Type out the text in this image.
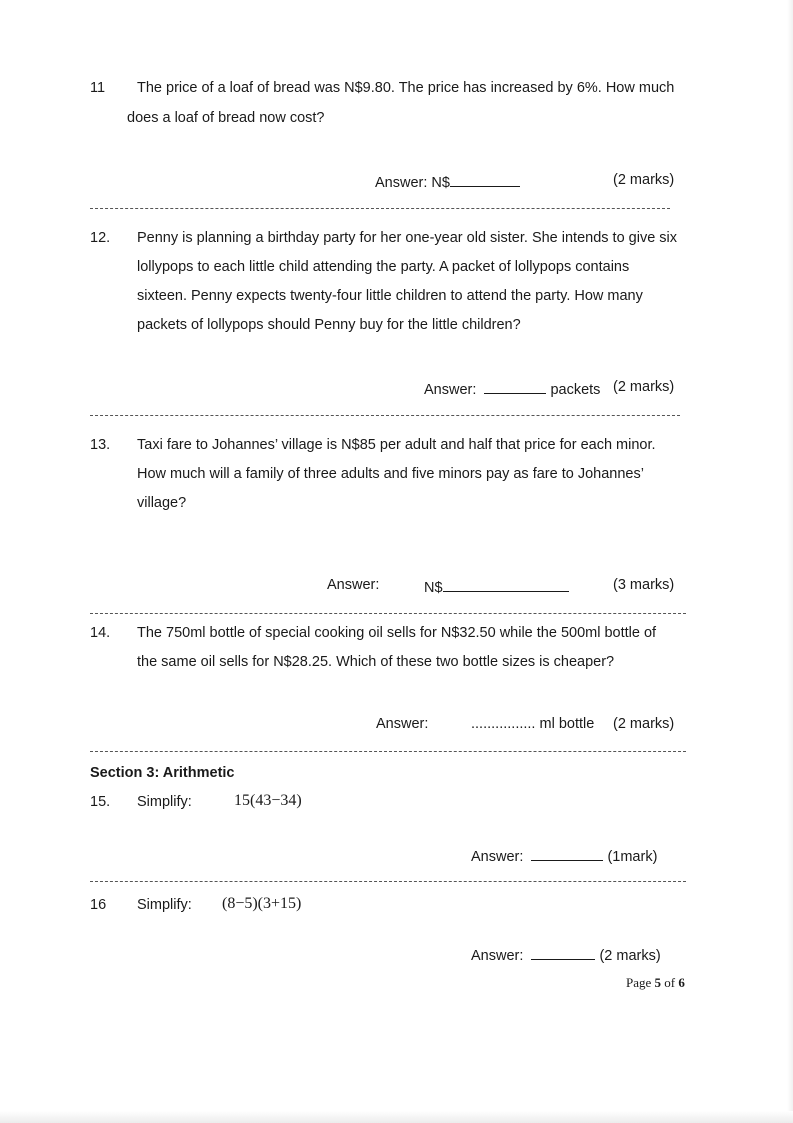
11 The price of a loaf of bread was N$9.80. The price has increased by 6%. How much
does a loaf of bread now cost?
Answer: N$	(2 marks)
12. Penny is planning a birthday party for her one-year old sister. She intends to give six
lollypops to each little child attending the party. A packet of lollypops contains
sixteen. Penny expects twenty-four little children to attend the party. How many
packets of lollypops should Penny buy for the little children?
Answer:	packets (2 marks)
13. Taxi fare to Johannes’ village is N$85 per adult and half that price for each minor.
How much will a family of three adults and five minors pay as fare to Johannes’
village?
Answer:	N$	(3 marks)
14. The 750ml bottle of special cooking oil sells for N$32.50 while the 500ml bottle of
the same oil sells for N$28.25. Which of these two bottle sizes is cheaper?
Answer:	................ ml bottle (2 marks)
Section 3: Arithmetic
15. Simplify:	15(43−34)
Answer:	(1mark)
16 Simplify: (8−5)(3+15)
Answer:	(2 marks)
Page 5 of 6
